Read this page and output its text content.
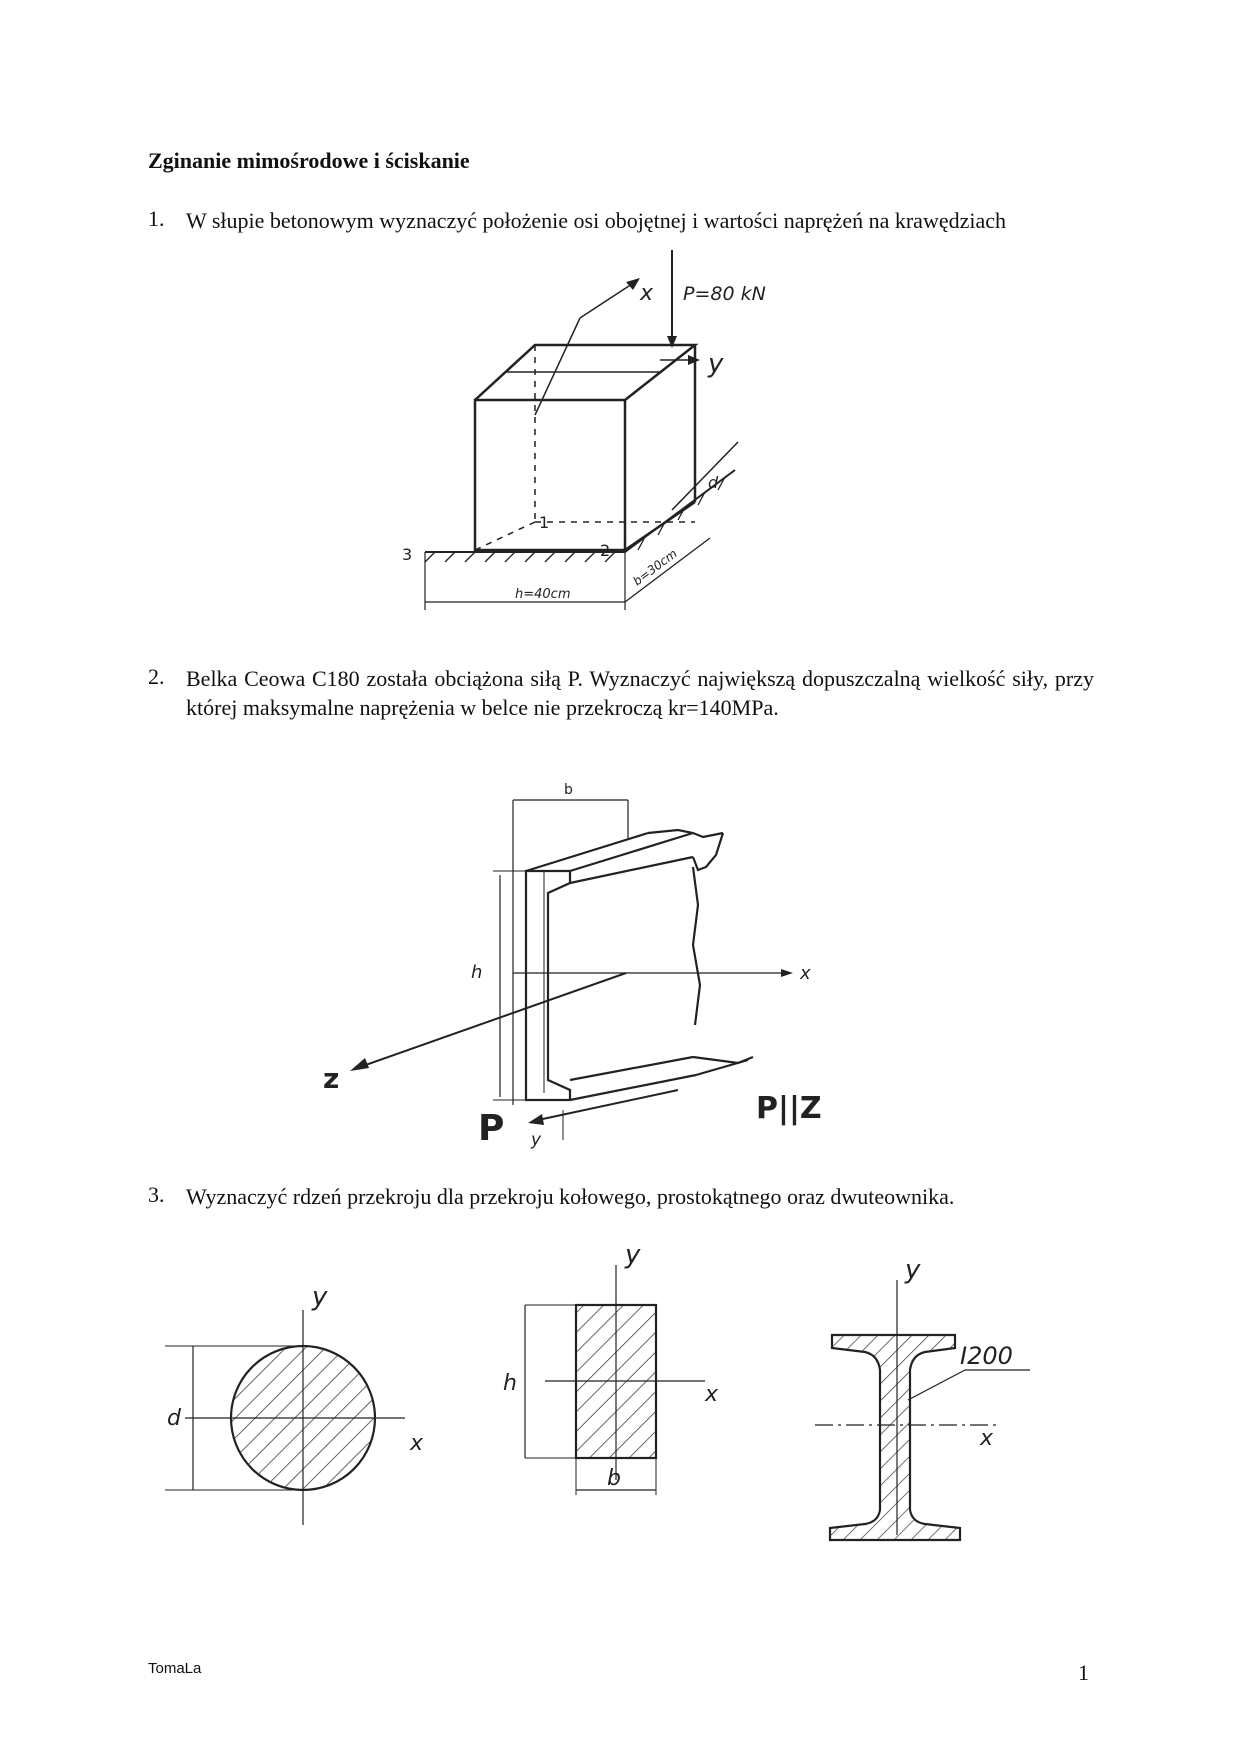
Zginanie mimośrodowe i ściskanie
1. W słupie betonowym wyznaczyć położenie osi obojętnej i wartości naprężeń na krawędziach
x P=80 kN
y
1
2
3
d
h=40cm
b=30cm
2. Belka Ceowa C180 została obciążona siłą P. Wyznaczyć największą dopuszczalną wielkość siły, przy której maksymalne naprężenia w belce nie przekroczą kr=140MPa.
b
h	x
z
y
P	P||Z
3. Wyznaczyć rdzeń przekroju dla przekroju kołowego, prostokątnego oraz dwuteownika.
y
x
d
y
x
h
b
y
x
I200
TomaLa	1
